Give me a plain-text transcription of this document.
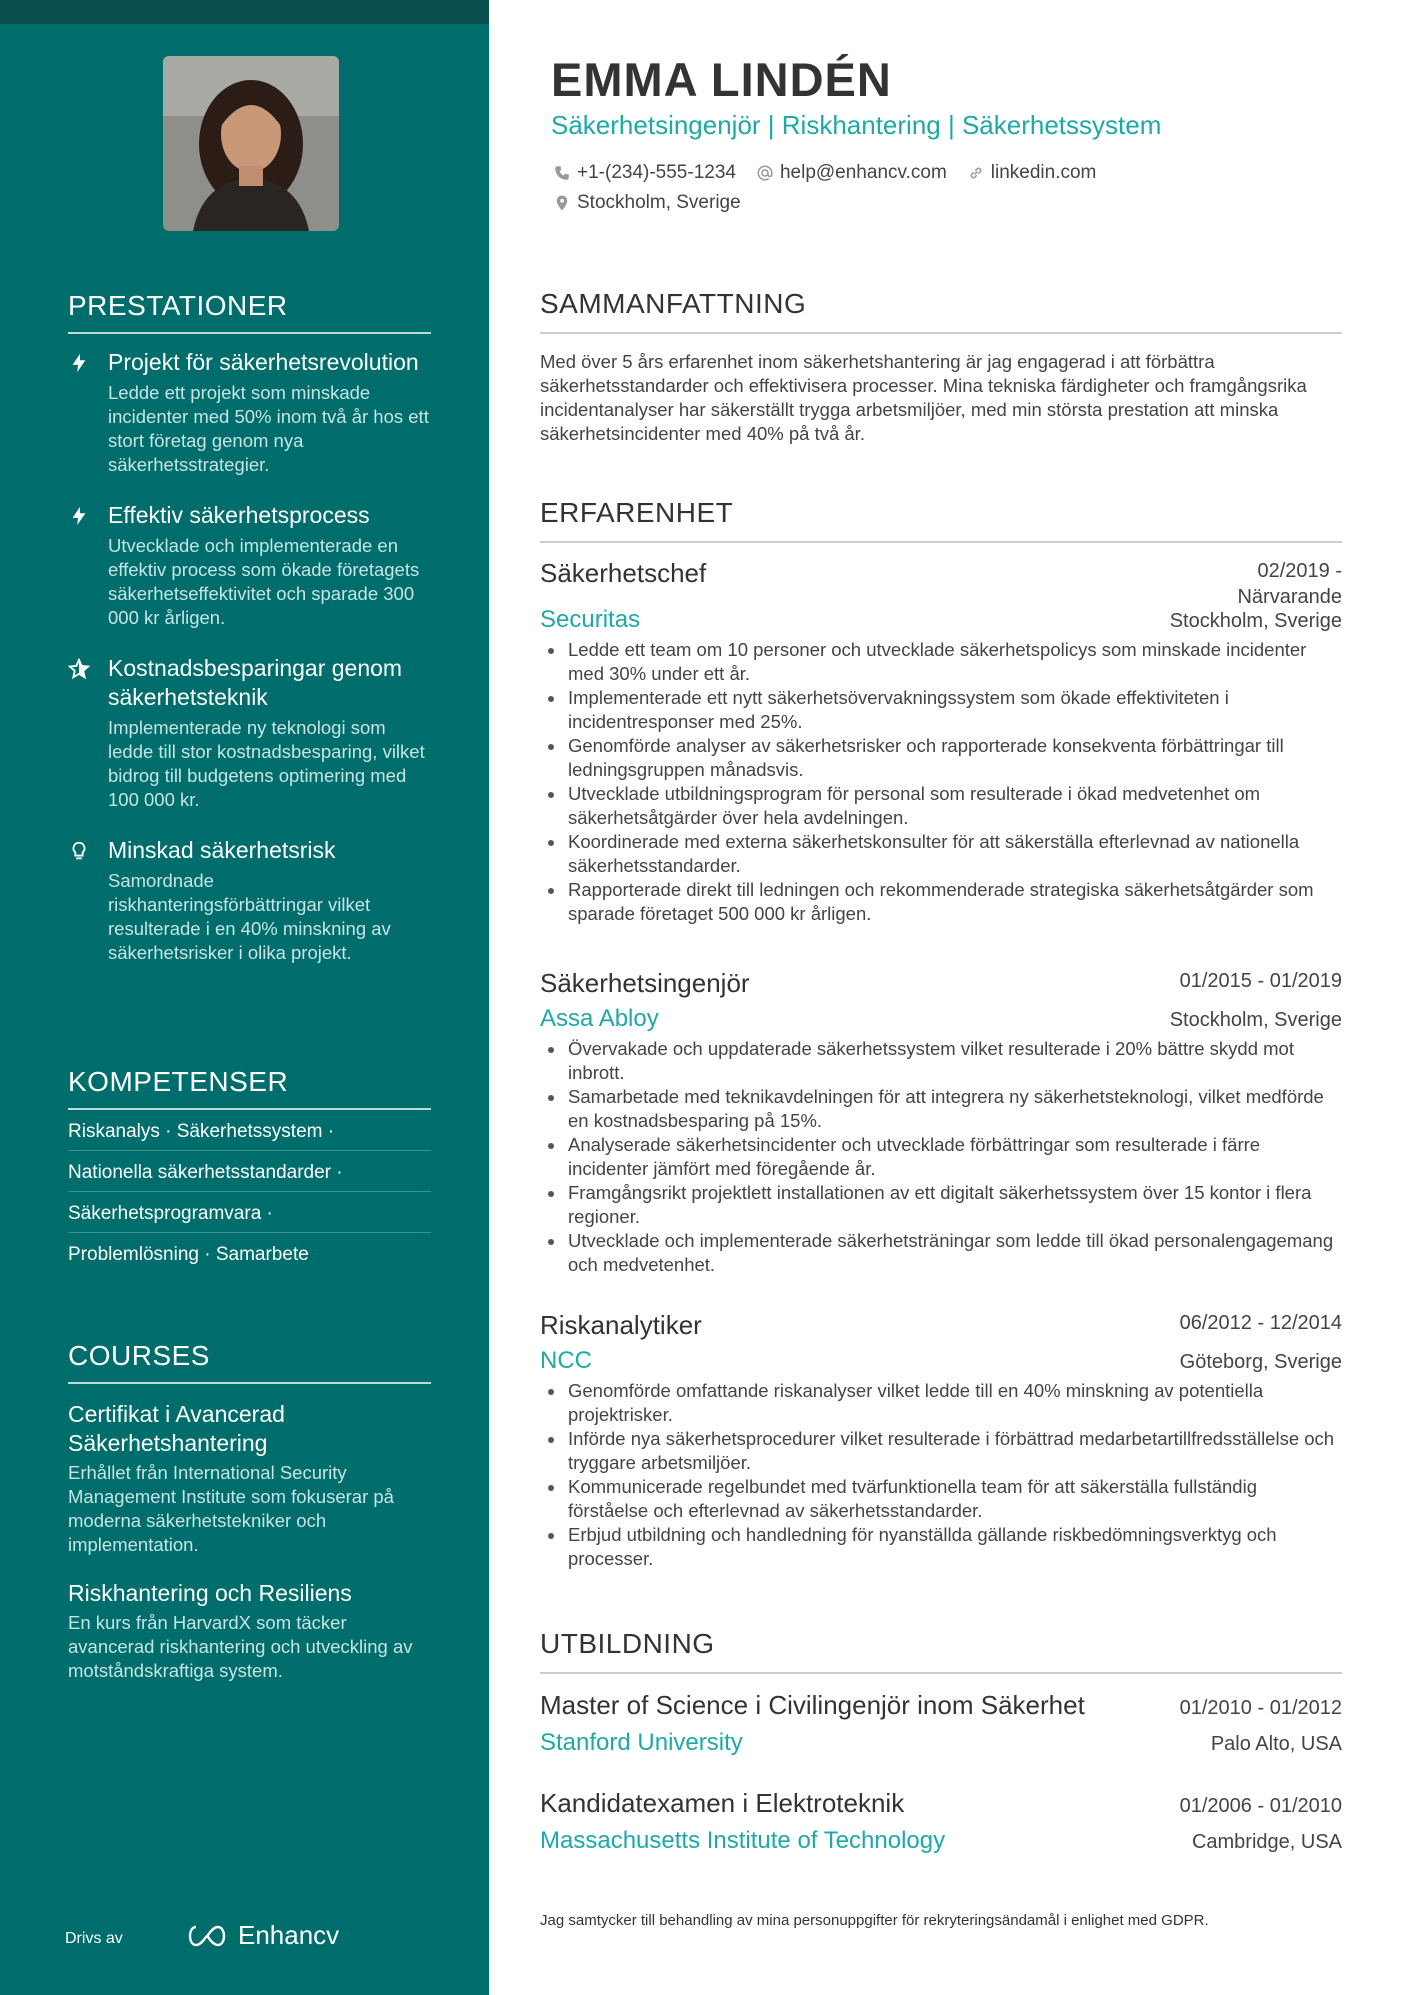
PRESTATIONER
Projekt för säkerhetsrevolution
Ledde ett projekt som minskade incidenter med 50% inom två år hos ett stort företag genom nya säkerhetsstrategier.
Effektiv säkerhetsprocess
Utvecklade och implementerade en effektiv process som ökade företagets säkerhetseffektivitet och sparade 300 000 kr årligen.
Kostnadsbesparingar genom säkerhetsteknik
Implementerade ny teknologi som ledde till stor kostnadsbesparing, vilket bidrog till budgetens optimering med 100 000 kr.
Minskad säkerhetsrisk
Samordnade riskhanteringsförbättringar vilket resulterade i en 40% minskning av säkerhetsrisker i olika projekt.
KOMPETENSER
Riskanalys · Säkerhetssystem ·
Nationella säkerhetsstandarder ·
Säkerhetsprogramvara ·
Problemlösning · Samarbete
COURSES
Certifikat i Avancerad Säkerhetshantering
Erhållet från International Security Management Institute som fokuserar på moderna säkerhetstekniker och implementation.
Riskhantering och Resiliens
En kurs från HarvardX som täcker avancerad riskhantering och utveckling av motståndskraftiga system.
Drivs av	Enhancv
EMMA LINDÉN
Säkerhetsingenjör | Riskhantering | Säkerhetssystem
+1-(234)-555-1234 help@enhancv.com linkedin.com
Stockholm, Sverige
SAMMANFATTNING
Med över 5 års erfarenhet inom säkerhetshantering är jag engagerad i att förbättra säkerhetsstandarder och effektivisera processer. Mina tekniska färdigheter och framgångsrika incidentanalyser har säkerställt trygga arbetsmiljöer, med min största prestation att minska säkerhetsincidenter med 40% på två år.
ERFARENHET
Säkerhetschef	02/2019 - Närvarande
Securitas	Stockholm, Sverige
Ledde ett team om 10 personer och utvecklade säkerhetspolicys som minskade incidenter med 30% under ett år.
Implementerade ett nytt säkerhetsövervakningssystem som ökade effektiviteten i incidentresponser med 25%.
Genomförde analyser av säkerhetsrisker och rapporterade konsekventa förbättringar till ledningsgruppen månadsvis.
Utvecklade utbildningsprogram för personal som resulterade i ökad medvetenhet om säkerhetsåtgärder över hela avdelningen.
Koordinerade med externa säkerhetskonsulter för att säkerställa efterlevnad av nationella säkerhetsstandarder.
Rapporterade direkt till ledningen och rekommenderade strategiska säkerhetsåtgärder som sparade företaget 500 000 kr årligen.
Säkerhetsingenjör	01/2015 - 01/2019
Assa Abloy	Stockholm, Sverige
Övervakade och uppdaterade säkerhetssystem vilket resulterade i 20% bättre skydd mot inbrott.
Samarbetade med teknikavdelningen för att integrera ny säkerhetsteknologi, vilket medförde en kostnadsbesparing på 15%.
Analyserade säkerhetsincidenter och utvecklade förbättringar som resulterade i färre incidenter jämfört med föregående år.
Framgångsrikt projektlett installationen av ett digitalt säkerhetssystem över 15 kontor i flera regioner.
Utvecklade och implementerade säkerhetsträningar som ledde till ökad personalengagemang och medvetenhet.
Riskanalytiker	06/2012 - 12/2014
NCC	Göteborg, Sverige
Genomförde omfattande riskanalyser vilket ledde till en 40% minskning av potentiella projektrisker.
Införde nya säkerhetsprocedurer vilket resulterade i förbättrad medarbetartillfredsställelse och tryggare arbetsmiljöer.
Kommunicerade regelbundet med tvärfunktionella team för att säkerställa fullständig förståelse och efterlevnad av säkerhetsstandarder.
Erbjud utbildning och handledning för nyanställda gällande riskbedömningsverktyg och processer.
UTBILDNING
Master of Science i Civilingenjör inom Säkerhet	01/2010 - 01/2012
Stanford University	Palo Alto, USA
Kandidatexamen i Elektroteknik	01/2006 - 01/2010
Massachusetts Institute of Technology	Cambridge, USA
Jag samtycker till behandling av mina personuppgifter för rekryteringsändamål i enlighet med GDPR.
